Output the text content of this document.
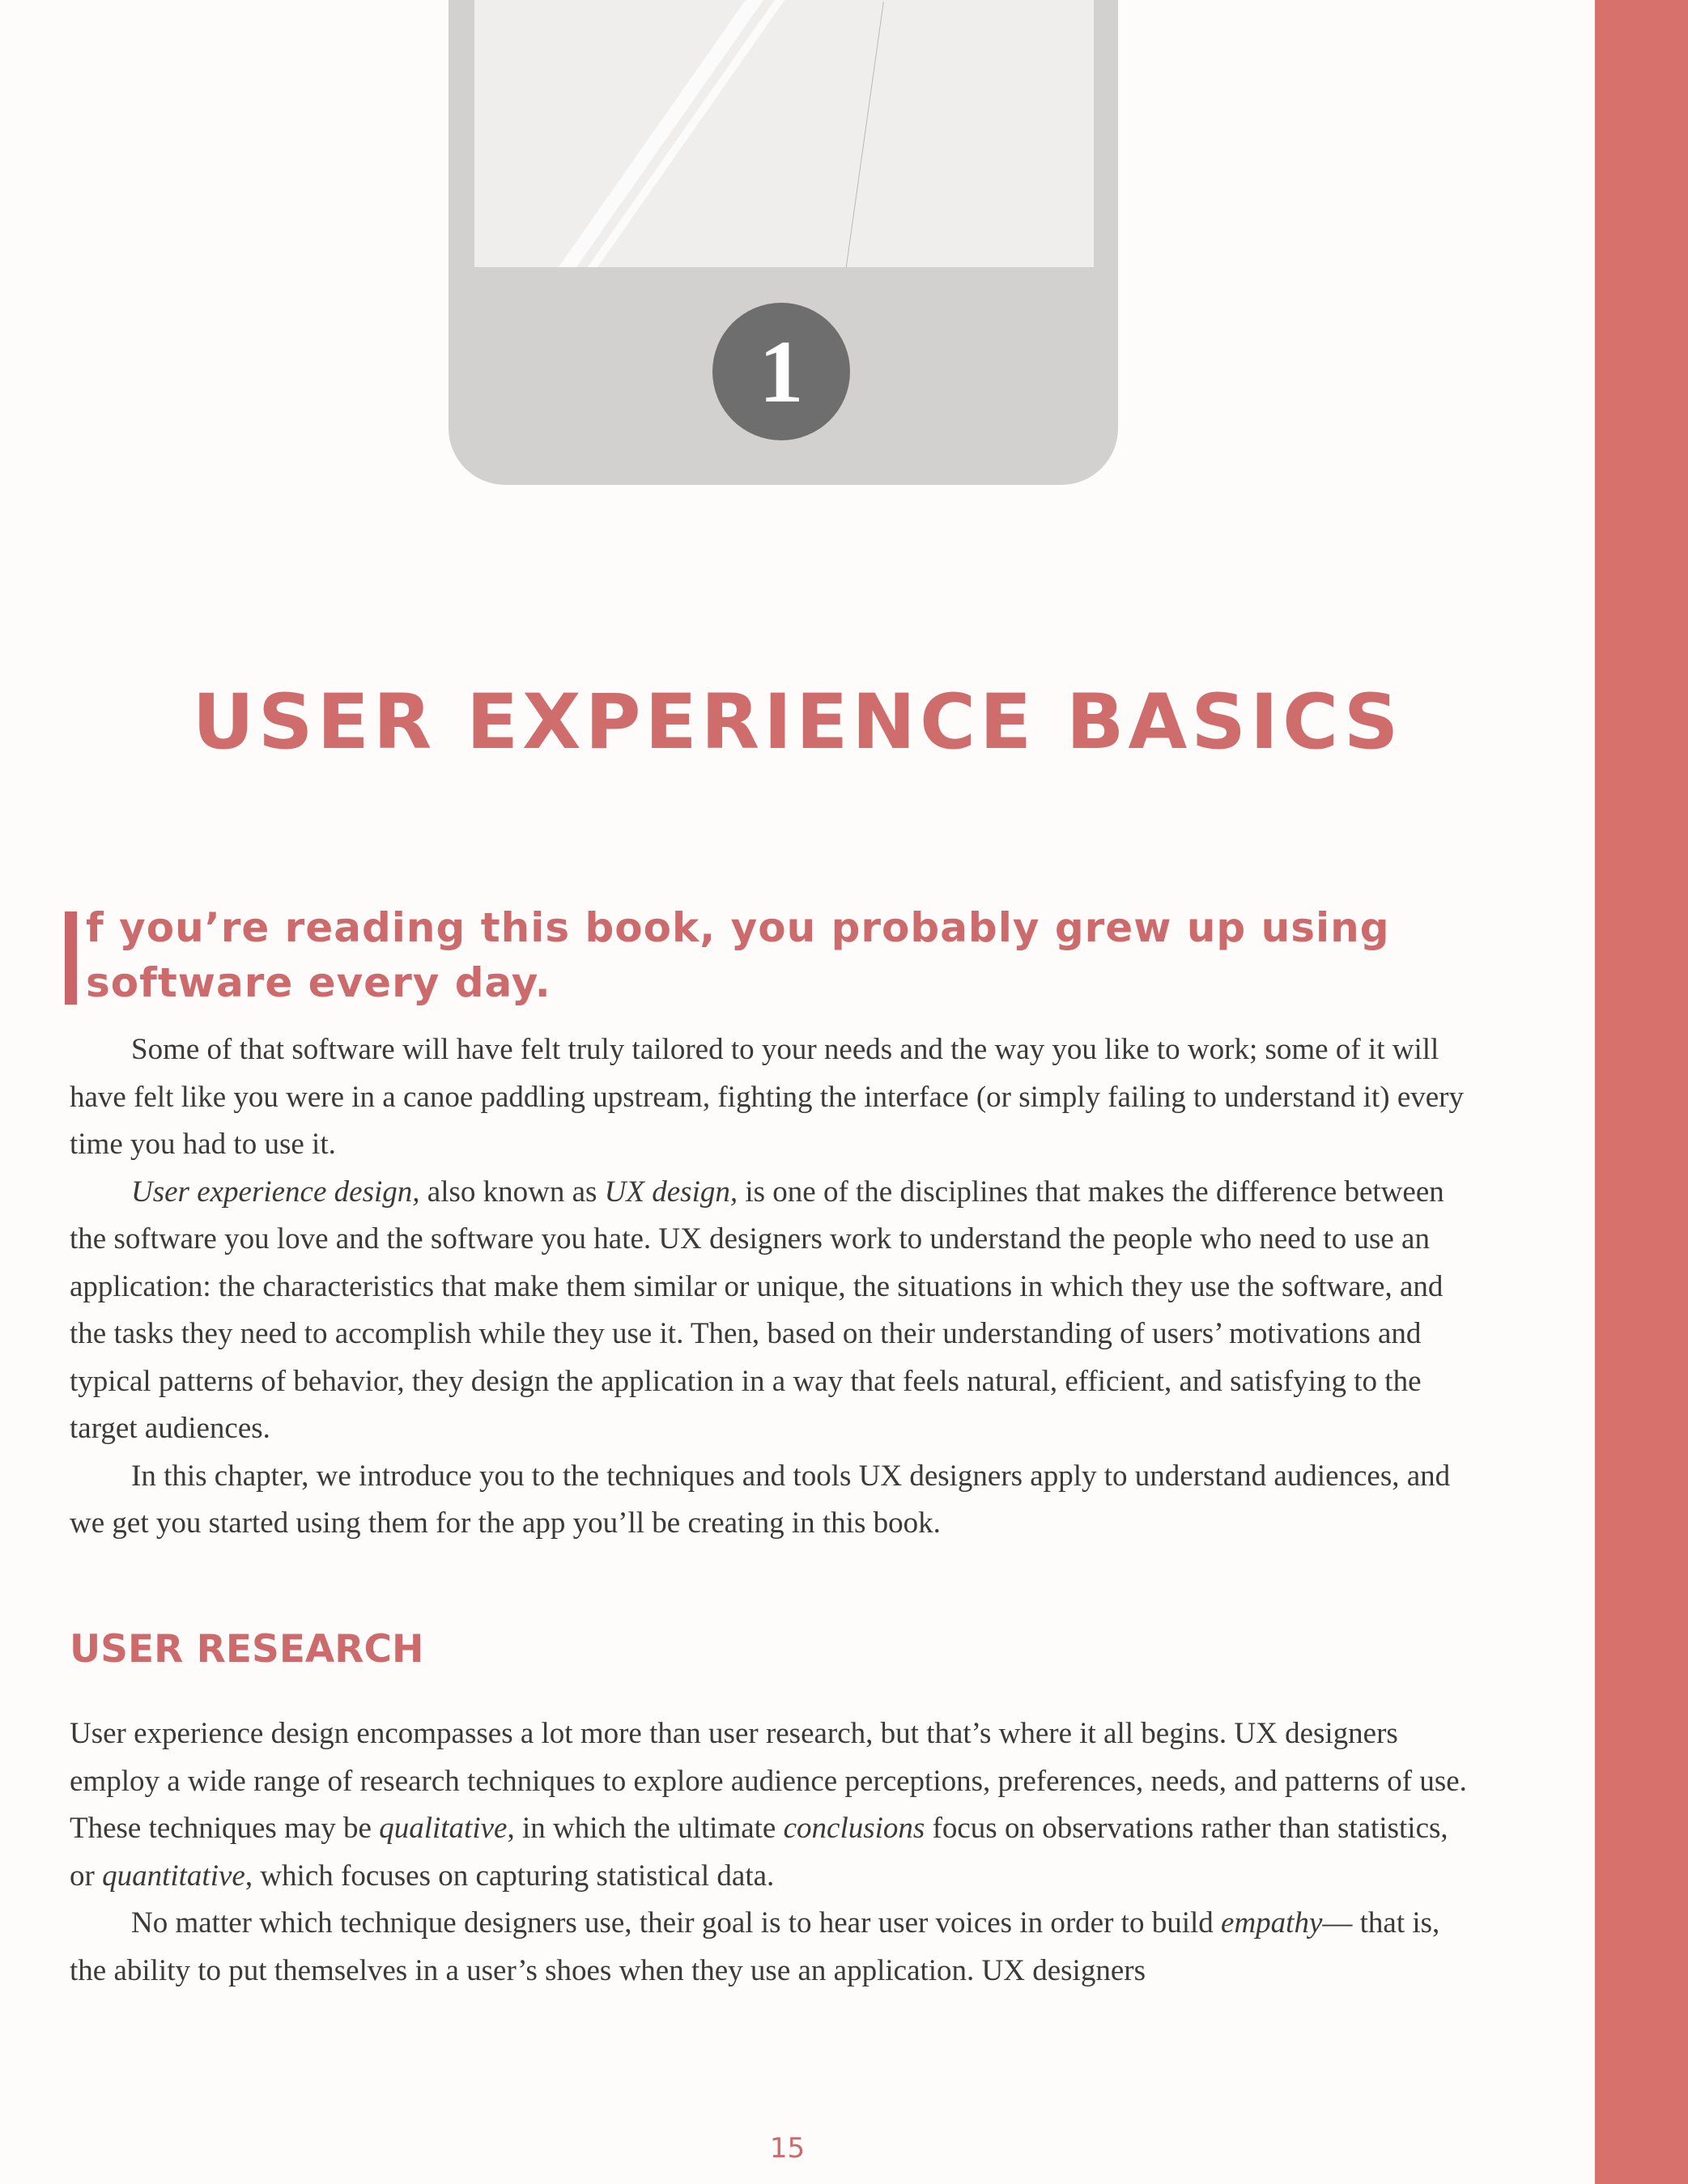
1
USER EXPERIENCE BASICS
f you’re reading this book, you probably grew up using software every day.

Some of that software will have felt truly tailored to your needs and the way you like to work; some of it will have felt like you were in a canoe paddling upstream, fighting the interface (or simply failing to understand it) every time you had to use it.

User experience design, also known as UX design, is one of the disciplines that makes the difference between the software you love and the software you hate. UX designers work to understand the people who need to use an application: the characteristics that make them similar or unique, the situations in which they use the software, and the tasks they need to accomplish while they use it. Then, based on their understanding of users’ motivations and typical patterns of behavior, they design the application in a way that feels natural, efficient, and satisfying to the target audiences.

In this chapter, we introduce you to the techniques and tools UX designers apply to understand audiences, and we get you started using them for the app you’ll be creating in this book.

USER RESEARCH

User experience design encompasses a lot more than user research, but that’s where it all begins. UX designers employ a wide range of research techniques to explore audience perceptions, preferences, needs, and patterns of use. These techniques may be qualitative, in which the ultimate conclusions focus on observations rather than statistics, or quantitative, which focuses on capturing statistical data.

No matter which technique designers use, their goal is to hear user voices in order to build empathy— that is, the ability to put themselves in a user’s shoes when they use an application. UX designers

15
